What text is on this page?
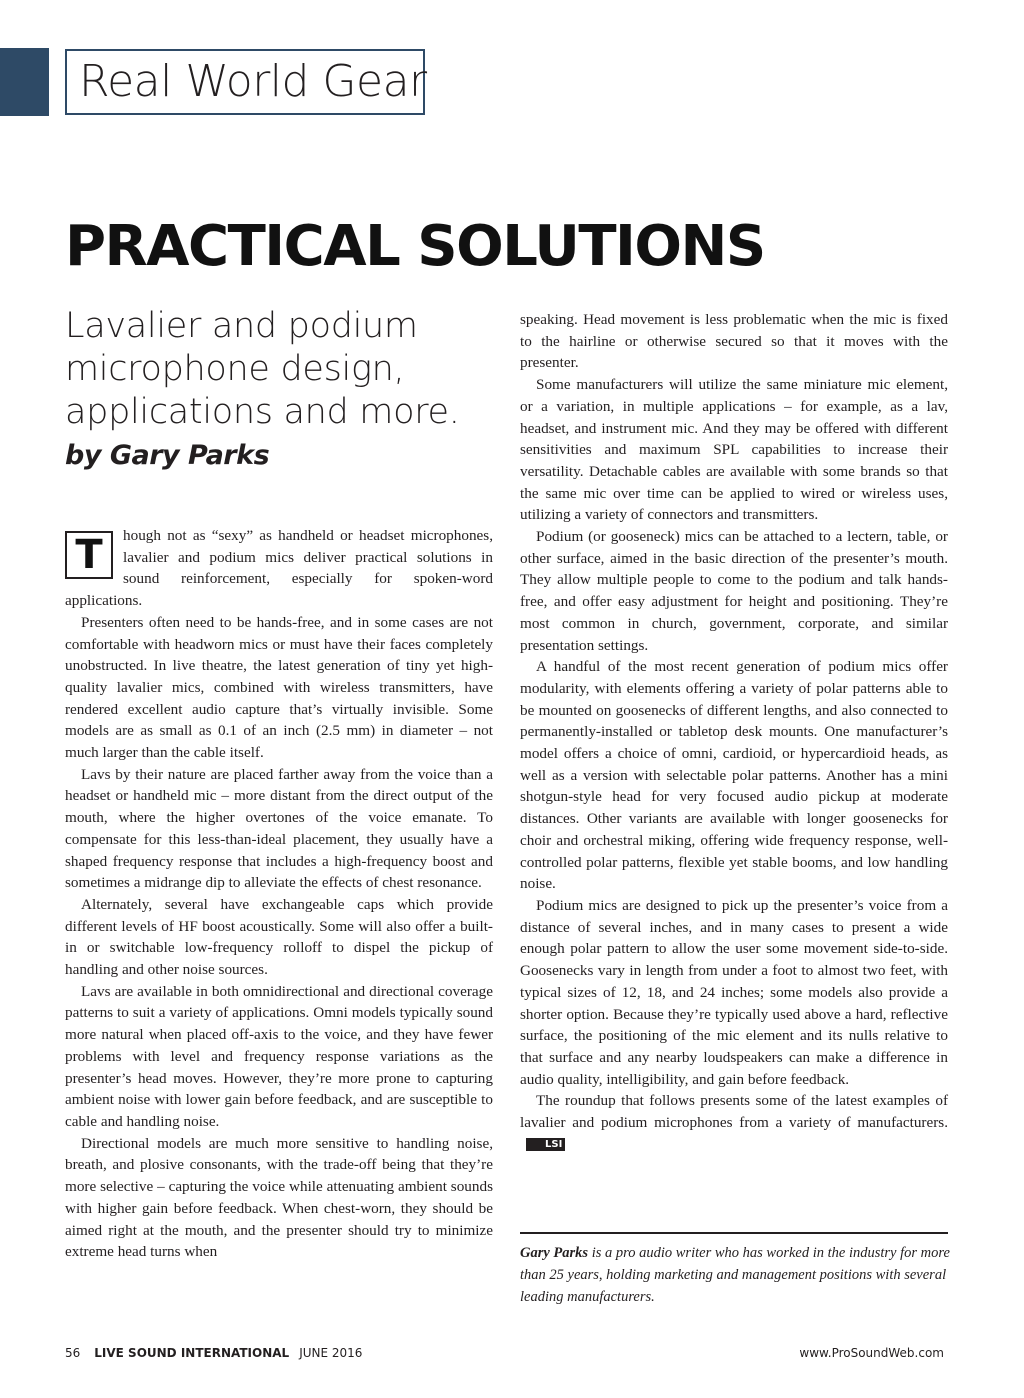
Real World Gear
PRACTICAL SOLUTIONS
Lavalier and podium microphone design, applications and more.
by Gary Parks

T	hough not as “sexy” as handheld or headset microphones, lavalier and podium mics deliver practical solutions in sound reinforcement, especially for spoken-word applications.

Presenters often need to be hands-free, and in some cases are not comfortable with headworn mics or must have their faces completely unobstructed. In live theatre, the latest generation of tiny yet high-quality lavalier mics, combined with wireless transmitters, have rendered excellent audio capture that’s virtually invisible. Some models are as small as 0.1 of an inch (2.5 mm) in diameter – not much larger than the cable itself.

Lavs by their nature are placed farther away from the voice than a headset or handheld mic – more distant from the direct output of the mouth, where the higher overtones of the voice emanate. To compensate for this less-than-ideal placement, they usually have a shaped frequency response that includes a high-frequency boost and sometimes a midrange dip to alleviate the effects of chest resonance.

Alternately, several have exchangeable caps which provide different levels of HF boost acoustically. Some will also offer a built-in or switchable low-frequency rolloff to dispel the pickup of handling and other noise sources.

Lavs are available in both omnidirectional and directional coverage patterns to suit a variety of applications. Omni models typically sound more natural when placed off-axis to the voice, and they have fewer problems with level and frequency response variations as the presenter’s head moves. However, they’re more prone to capturing ambient noise with lower gain before feedback, and are susceptible to cable and handling noise.

Directional models are much more sensitive to handling noise, breath, and plosive consonants, with the trade-off being that they’re more selective – capturing the voice while attenuating ambient sounds with higher gain before feedback. When chest-worn, they should be aimed right at the mouth, and the presenter should try to minimize extreme head turns when

speaking. Head movement is less problematic when the mic is fixed to the hairline or otherwise secured so that it moves with the presenter.

Some manufacturers will utilize the same miniature mic element, or a variation, in multiple applications – for example, as a lav, headset, and instrument mic. And they may be offered with different sensitivities and maximum SPL capabilities to increase their versatility. Detachable cables are available with some brands so that the same mic over time can be applied to wired or wireless uses, utilizing a variety of connectors and transmitters.

Podium (or gooseneck) mics can be attached to a lectern, table, or other surface, aimed in the basic direction of the presenter’s mouth. They allow multiple people to come to the podium and talk hands-free, and offer easy adjustment for height and positioning. They’re most common in church, government, corporate, and similar presentation settings.

A handful of the most recent generation of podium mics offer modularity, with elements offering a variety of polar patterns able to be mounted on goosenecks of different lengths, and also connected to permanently-installed or tabletop desk mounts. One manufacturer’s model offers a choice of omni, cardioid, or hypercardioid heads, as well as a version with selectable polar patterns. Another has a mini shotgun-style head for very focused audio pickup at moderate distances. Other variants are available with longer goosenecks for choir and orchestral miking, offering wide frequency response, well-controlled polar patterns, flexible yet stable booms, and low handling noise.

Podium mics are designed to pick up the presenter’s voice from a distance of several inches, and in many cases to present a wide enough polar pattern to allow the user some movement side-to-side. Goosenecks vary in length from under a foot to almost two feet, with typical sizes of 12, 18, and 24 inches; some models also provide a shorter option. Because they’re typically used above a hard, reflective surface, the positioning of the mic element and its nulls relative to that surface and any nearby loudspeakers can make a difference in audio quality, intelligibility, and gain before feedback.

The roundup that follows presents some of the latest examples of lavalier and podium microphones from a variety of manufacturers.LSI

Gary Parks is a pro audio writer who has worked in the industry for more than 25 years, holding marketing and management positions with several leading manufacturers.
56 LIVE SOUND INTERNATIONAL JUNE 2016	www.ProSoundWeb.com
